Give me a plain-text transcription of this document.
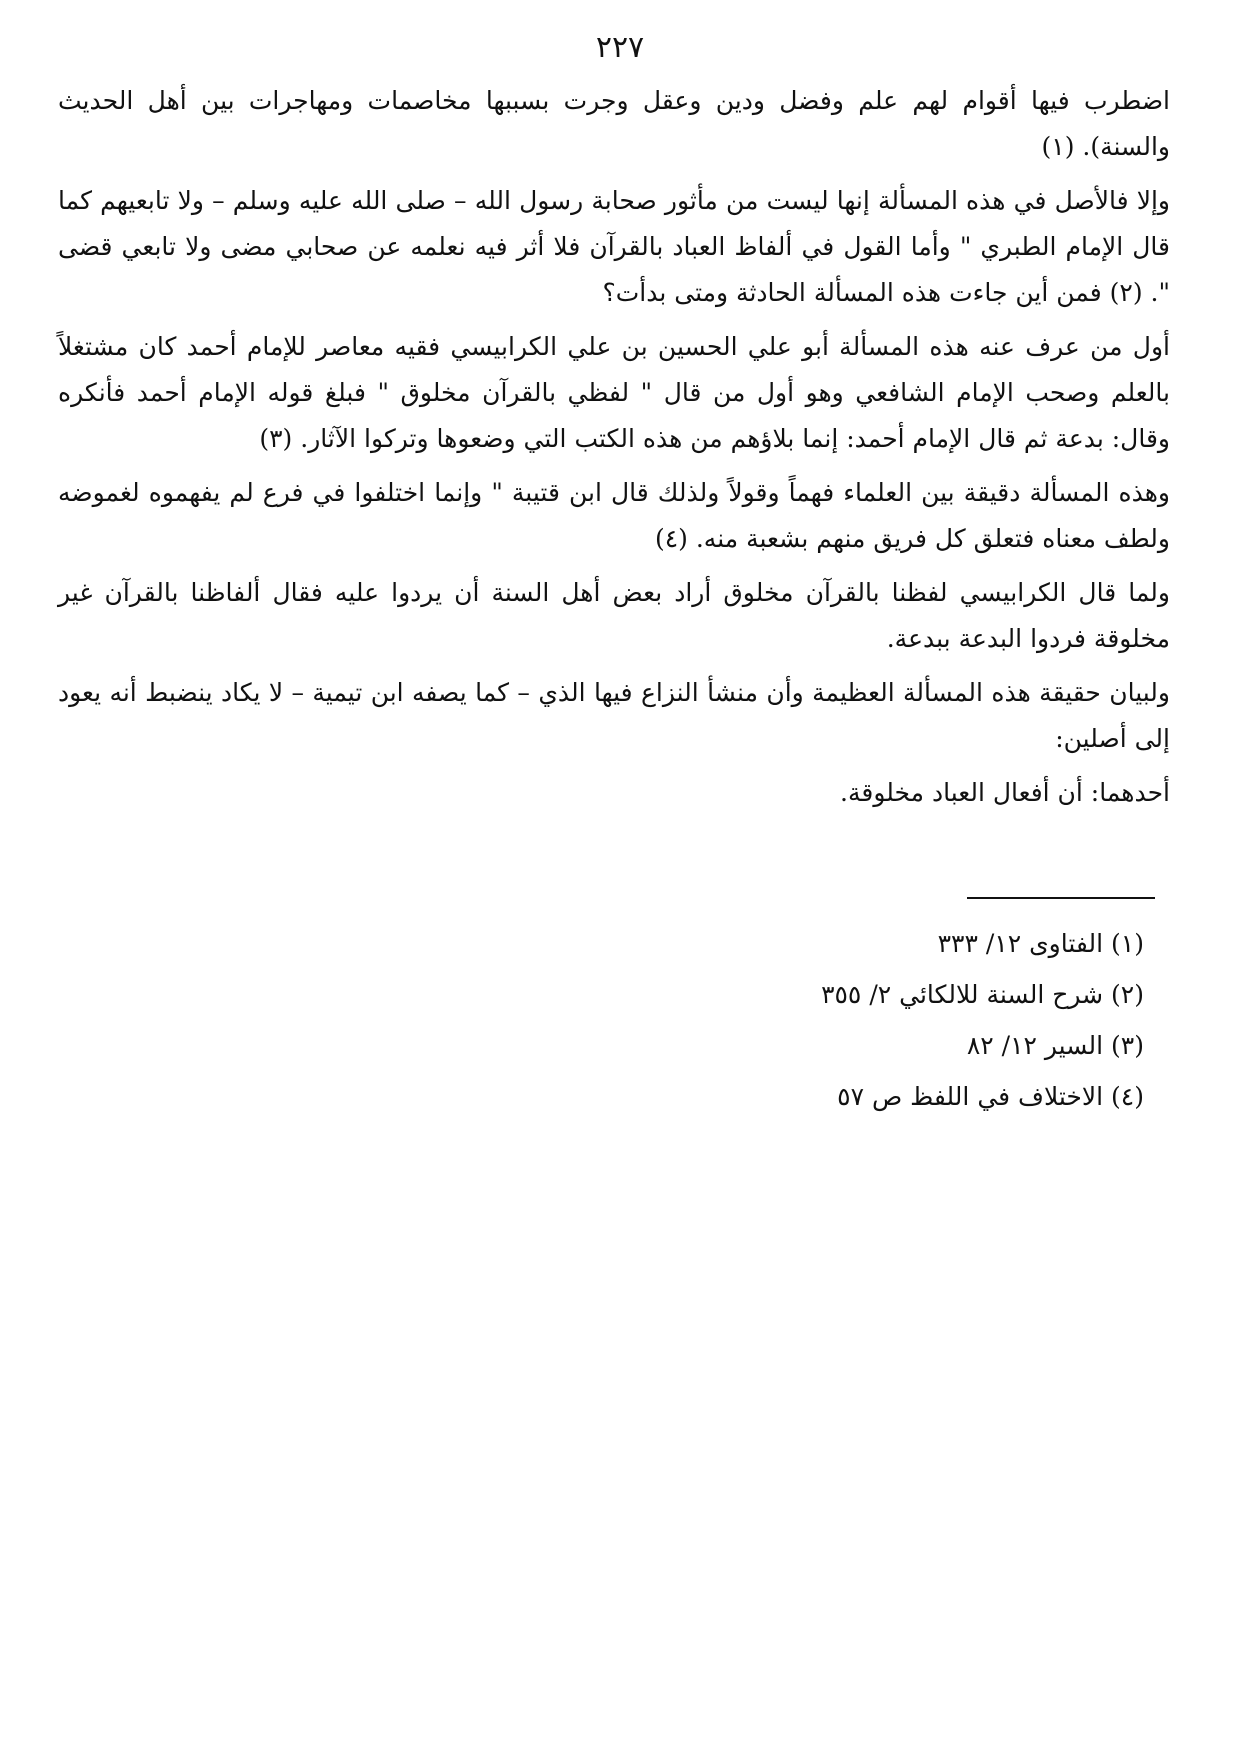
٢٢٧

اضطرب فيها أقوام لهم علم وفضل ودين وعقل وجرت بسببها مخاصمات ومهاجرات بين أهل الحديث والسنة). (١)

وإلا فالأصل في هذه المسألة إنها ليست من مأثور صحابة رسول الله – صلى الله عليه وسلم – ولا تابعيهم كما قال الإمام الطبري " وأما القول في ألفاظ العباد بالقرآن فلا أثر فيه نعلمه عن صحابي مضى ولا تابعي قضى ". (٢) فمن أين جاءت هذه المسألة الحادثة ومتى بدأت؟

أول من عرف عنه هذه المسألة أبو علي الحسين بن علي الكرابيسي فقيه معاصر للإمام أحمد كان مشتغلاً بالعلم وصحب الإمام الشافعي وهو أول من قال " لفظي بالقرآن مخلوق " فبلغ قوله الإمام أحمد فأنكره وقال: بدعة ثم قال الإمام أحمد: إنما بلاؤهم من هذه الكتب التي وضعوها وتركوا الآثار. (٣)

وهذه المسألة دقيقة بين العلماء فهماً وقولاً ولذلك قال ابن قتيبة " وإنما اختلفوا في فرع لم يفهموه لغموضه ولطف معناه فتعلق كل فريق منهم بشعبة منه. (٤)

ولما قال الكرابيسي لفظنا بالقرآن مخلوق أراد بعض أهل السنة أن يردوا عليه فقال ألفاظنا بالقرآن غير مخلوقة فردوا البدعة ببدعة.

ولبيان حقيقة هذه المسألة العظيمة وأن منشأ النزاع فيها الذي – كما يصفه ابن تيمية – لا يكاد ينضبط أنه يعود إلى أصلين:

أحدهما: أن أفعال العباد مخلوقة.

(١) الفتاوى ١٢/ ٣٣٣

(٢) شرح السنة للالكائي ٢/ ٣٥٥

(٣) السير ١٢/ ٨٢

(٤) الاختلاف في اللفظ ص ٥٧
